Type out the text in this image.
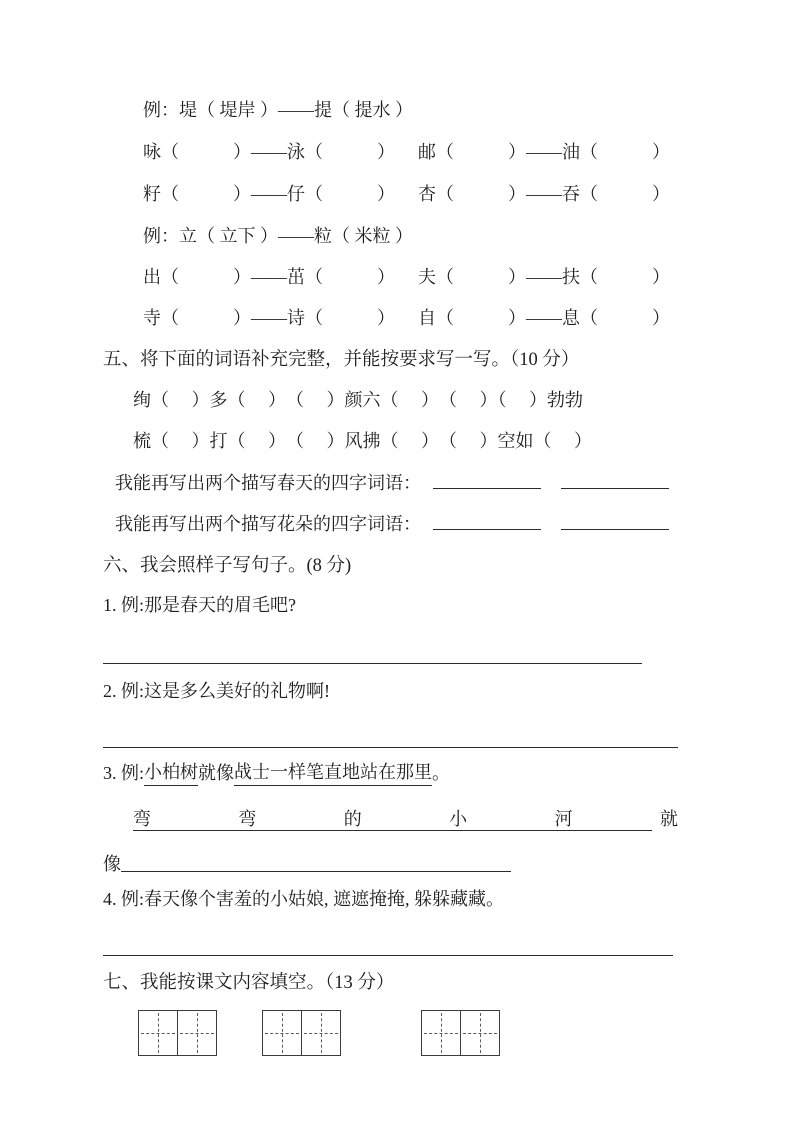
例：堤（ 堤岸 ）——提（ 提水 ）
咏（　　　）——泳（　　　）	邮（　　　）——油（　　　）
籽（　　　）——仔（　　　）	杏（　　　）——吞（　　　）
例：立（ 立下 ）——粒（ 米粒 ）
出（　　　）——茁（　　　）	夫（　　　）——扶（　　　）
寺（　　　）——诗（　　　）	自（　　　）——息（　　　）
五、将下面的词语补充完整，并能按要求写一写。（10 分）
绚（　 ）多（　 ）　（　 ）颜六（　 ）　（　 ）（　 ）勃勃
梳（　 ）打（　 ）　（　 ）风拂（　 ）　（　 ）空如（　 ）
我能再写出两个描写春天的四字词语：
我能再写出两个描写花朵的四字词语：
六、我会照样子写句子。(8 分)
1. 例:那是春天的眉毛吧?
2. 例:这是多么美好的礼物啊!
3. 例: 小柏树 就像 战士一样笔直地站在那里 。
弯	弯	的	小	河	就
像
4. 例:春天像个害羞的小姑娘, 遮遮掩掩, 躲躲藏藏。
七、我能按课文内容填空。（13 分）
